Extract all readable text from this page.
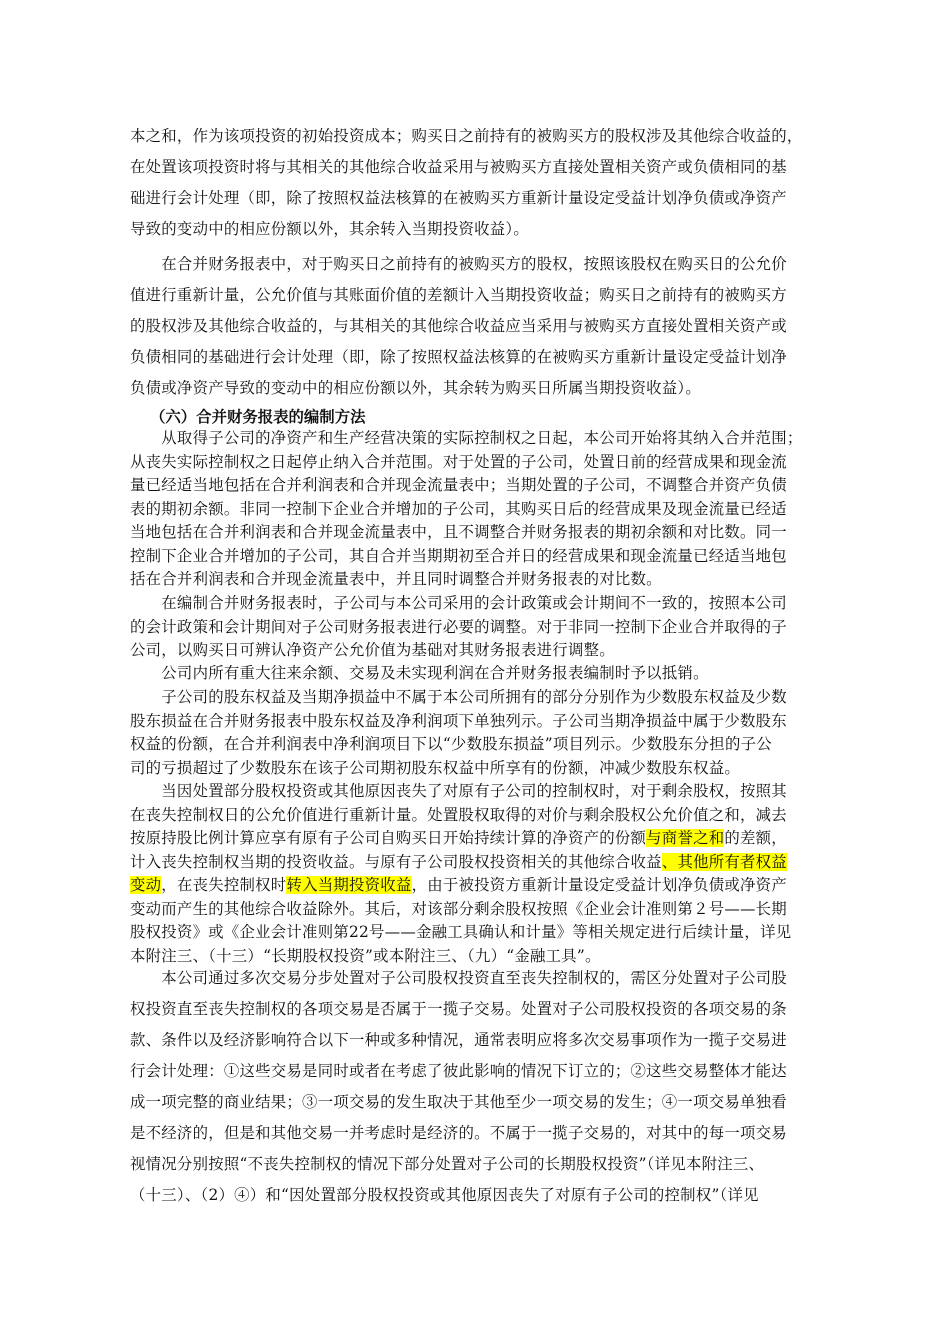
本之和，作为该项投资的初始投资成本；购买日之前持有的被购买方的股权涉及其他综合收益的，
在处置该项投资时将与其相关的其他综合收益采用与被购买方直接处置相关资产或负债相同的基
础进行会计处理（即，除了按照权益法核算的在被购买方重新计量设定受益计划净负债或净资产
导致的变动中的相应份额以外，其余转入当期投资收益）。

　　在合并财务报表中，对于购买日之前持有的被购买方的股权，按照该股权在购买日的公允价
值进行重新计量，公允价值与其账面价值的差额计入当期投资收益；购买日之前持有的被购买方
的股权涉及其他综合收益的，与其相关的其他综合收益应当采用与被购买方直接处置相关资产或
负债相同的基础进行会计处理（即，除了按照权益法核算的在被购买方重新计量设定受益计划净
负债或净资产导致的变动中的相应份额以外，其余转为购买日所属当期投资收益）。

（六）合并财务报表的编制方法

　　从取得子公司的净资产和生产经营决策的实际控制权之日起，本公司开始将其纳入合并范围；
从丧失实际控制权之日起停止纳入合并范围。对于处置的子公司，处置日前的经营成果和现金流
量已经适当地包括在合并利润表和合并现金流量表中；当期处置的子公司，不调整合并资产负债
表的期初余额。非同一控制下企业合并增加的子公司，其购买日后的经营成果及现金流量已经适
当地包括在合并利润表和合并现金流量表中，且不调整合并财务报表的期初余额和对比数。同一
控制下企业合并增加的子公司，其自合并当期期初至合并日的经营成果和现金流量已经适当地包
括在合并利润表和合并现金流量表中，并且同时调整合并财务报表的对比数。

　　在编制合并财务报表时，子公司与本公司采用的会计政策或会计期间不一致的，按照本公司
的会计政策和会计期间对子公司财务报表进行必要的调整。对于非同一控制下企业合并取得的子
公司，以购买日可辨认净资产公允价值为基础对其财务报表进行调整。

　　公司内所有重大往来余额、交易及未实现利润在合并财务报表编制时予以抵销。

　　子公司的股东权益及当期净损益中不属于本公司所拥有的部分分别作为少数股东权益及少数
股东损益在合并财务报表中股东权益及净利润项下单独列示。子公司当期净损益中属于少数股东
权益的份额，在合并利润表中净利润项目下以“少数股东损益”项目列示。少数股东分担的子公
司的亏损超过了少数股东在该子公司期初股东权益中所享有的份额，冲减少数股东权益。

　　当因处置部分股权投资或其他原因丧失了对原有子公司的控制权时，对于剩余股权，按照其
在丧失控制权日的公允价值进行重新计量。处置股权取得的对价与剩余股权公允价值之和，减去
按原持股比例计算应享有原有子公司自购买日开始持续计算的净资产的份额与商誉之和的差额，
计入丧失控制权当期的投资收益。与原有子公司股权投资相关的其他综合收益、其他所有者权益
变动，在丧失控制权时转入当期投资收益，由于被投资方重新计量设定受益计划净负债或净资产
变动而产生的其他综合收益除外。其后，对该部分剩余股权按照《企业会计准则第２号——长期
股权投资》或《企业会计准则第22号——金融工具确认和计量》等相关规定进行后续计量，详见
本附注三、（十三）“长期股权投资”或本附注三、（九）“金融工具”。

　　本公司通过多次交易分步处置对子公司股权投资直至丧失控制权的，需区分处置对子公司股
权投资直至丧失控制权的各项交易是否属于一揽子交易。处置对子公司股权投资的各项交易的条
款、条件以及经济影响符合以下一种或多种情况，通常表明应将多次交易事项作为一揽子交易进
行会计处理：①这些交易是同时或者在考虑了彼此影响的情况下订立的；②这些交易整体才能达
成一项完整的商业结果；③一项交易的发生取决于其他至少一项交易的发生；④一项交易单独看
是不经济的，但是和其他交易一并考虑时是经济的。不属于一揽子交易的，对其中的每一项交易
视情况分别按照“不丧失控制权的情况下部分处置对子公司的长期股权投资”（详见本附注三、
（十三）、（2）④）和“因处置部分股权投资或其他原因丧失了对原有子公司的控制权”（详见
